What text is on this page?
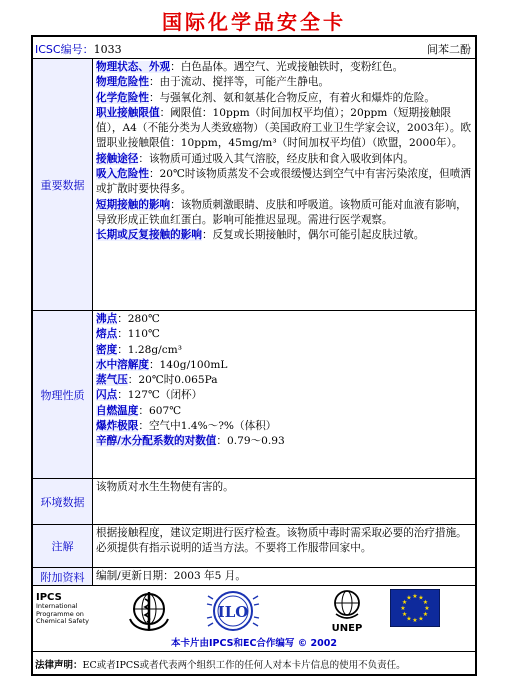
国际化学品安全卡
ICSC编号：1033	间苯二酚
重要数据

物理状态、外观：白色晶体。遇空气、光或接触铁时，变粉红色。

物理危险性：由于流动、搅拌等，可能产生静电。

化学危险性：与强氧化剂、氨和氨基化合物反应，有着火和爆炸的危险。

职业接触限值：阈限值：10ppm（时间加权平均值）；20ppm（短期接触限值），A4（不能分类为人类致癌物）（美国政府工业卫生学家会议，2003年）。欧盟职业接触限值：10ppm，45mg/m³（时间加权平均值）（欧盟，2000年）。

接触途径：该物质可通过吸入其气溶胶，经皮肤和食入吸收到体内。

吸入危险性：20℃时该物质蒸发不会或很缓慢达到空气中有害污染浓度，但喷洒或扩散时要快得多。

短期接触的影响：该物质刺激眼睛、皮肤和呼吸道。该物质可能对血液有影响，导致形成正铁血红蛋白。影响可能推迟显现。需进行医学观察。

长期或反复接触的影响：反复或长期接触时，偶尔可能引起皮肤过敏。

物理性质

沸点：280℃

熔点：110℃

密度：1.28g/cm³

水中溶解度：140g/100mL

蒸气压：20℃时0.065Pa

闪点：127℃（闭杯）

自燃温度：607℃

爆炸极限：空气中1.4%～?%（体积）

辛醇/水分配系数的对数值：0.79～0.93

环境数据

该物质对水生生物使有害的。

注解

根据接触程度，建议定期进行医疗检查。该物质中毒时需采取必要的治疗措施。必须提供有指示说明的适当方法。不要将工作服带回家中。

附加资料	编制/更新日期：2003 年5 月。

IPCS
International
Programme on
Chemical Safety	ILO
UNEP
★ ★
★
★
★
★
★
★
★
★
★
★
本卡片由IPCS和EC合作编写 © 2002
法律声明：EC或者IPCS或者代表两个组织工作的任何人对本卡片信息的使用不负责任。
